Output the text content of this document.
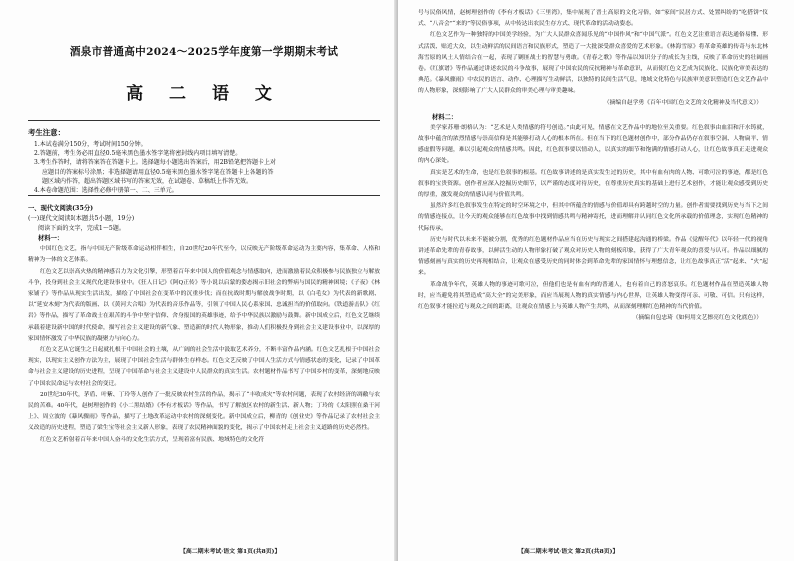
酒泉市普通高中2024～2025学年度第一学期期末考试
高 二 语 文
考生注意：
1.本试卷满分150分，考试时间150分钟。
2.答题前，考生务必用直径0.5毫米黑色墨水签字笔将密封线内项目填写清楚。
3.考生作答时，请将答案答在答题卡上。选择题每小题选出答案后，用2B铅笔把答题卡上对
应题目的答案标号涂黑；非选择题请用直径0.5毫米黑色墨水签字笔在答题卡上各题的答
题区域内作答，超出答题区域书写的答案无效，在试题卷、草稿纸上作答无效。
4.本卷命题范围：选择性必修中册第一、二、三单元。
一、现代文阅读(35分)
(一)现代文阅读Ⅰ(本题共5小题，19分)
阅读下面的文字，完成1～5题。
材料一：

中国红色文艺，指与中国无产阶级革命运动相伴相生，自20世纪20年代至今，以反映无产阶级革命运动为主要内容，集革命、人格和精神为一体的文艺体系。

红色文艺以崇高火热的精神感召力为文化引擎，形塑着百年来中国人的价值观念与情感取向，进而激励着民众积极参与民族独立与解放斗争，投身到社会主义现代化建设事业中。《狂人日记》《阿Q正传》等小说以启蒙的姿态揭示旧社会的弊病与国民的精神困境；《子夜》《林家铺子》等作品从现实生活出发，描绘了中国社会在变革中的沉重步伐；而在抗战时期与解放战争时期，以《白毛女》为代表的新歌剧、以“延安木刻”为代表的版画、以《黄河大合唱》为代表的音乐作品等，引领了中国人民心系家国、忠诚担当的价值取向。《铁道游击队》《红岩》等作品，描写了革命战士在艰苦的斗争中坚守信仰、舍身报国的英雄事迹，给予中华民族以激励与鼓舞。新中国成立后，红色文艺继续承载着建设新中国的时代使命，描写社会主义建设的新气象、塑造新的时代人物形象，推动人们积极投身到社会主义建设事业中，以深厚的家国情怀激发了中华民族的凝聚力与向心力。

红色文艺从它诞生之日起就扎根于中国社会的土壤，从广阔的社会生活中汲取艺术养分，不断丰富作品内涵。红色文艺扎根于中国社会现实，以现实主义创作方法为主，展现了中国社会生活与群体生存样态。红色文艺反映了中国人生活方式与情感状态的变化，记录了中国革命与社会主义建设的历史进程，呈现了中国革命与社会主义建设中人民群众的真实生活。农村题材作品书写了中国乡村的变革，深刻地反映了中国农民命运与农村社会的变迁。

20世纪30年代，茅盾、叶紫、丁玲等人创作了一批反映农村生活的作品，揭示了“丰收成灾”等农村问题，表现了农村经济的凋敝与农民的苦难。40年代，赵树理创作的《小二黑结婚》《李有才板话》等作品，书写了解放区农村的新生活、新人物；丁玲的《太阳照在桑干河上》、周立波的《暴风骤雨》等作品，描写了土地改革运动中农村的深刻变化。新中国成立后，柳青的《创业史》等作品记录了农村社会主义改造的历史进程，塑造了梁生宝等社会主义新人形象，表现了农民精神面貌的变化，揭示了中国农村走上社会主义道路的历史必然性。

红色文艺析射着百年来中国人奋斗的文化生活方式，呈现着富有民族、地域特色的文化符

【高二期末考试·语文 第1页(共8页)】

号与民俗风情，赵树理创作的《李有才板话》《三里湾》，集中展现了晋土高原的文化习俗，如“家间”民居方式、处置纠纷的“吃搭饼”仪式、“八音会”“来的”等民俗事项，从中传达出农民生存方式、现代革命的活动动姿态。

红色文艺作为一种独特的中国美学经验，为广大人民群众喜闻乐见的“中国作风”和“中国气派”。红色文艺注重语言表达通俗易懂、形式活泼、贴近大众，以生动鲜活的民间语言和民族形式，塑造了一大批深受群众喜爱的艺术形象。《林海雪原》将革命英雄的传奇与东北林海雪原的风土人情结合在一起，表现了剿匪战士的智慧与勇敢。《青春之歌》等作品以知识分子的成长为主线，反映了革命历史的壮阔画卷。《红旗谱》等作品通过讲述农民的斗争故事，展现了中国农民的反抗精神与革命意识，从而使红色文艺成为民族化、民族化审美表达的典范。《暴风骤雨》中农民的语言、动作、心理描写生动鲜活，以独特的民间生活气息，地域文化特色与民族审美意识塑造红色文艺作品中的人物形象，深刻影响了广大人民群众的审美心理与审美趣味。

（摘编自赵学勇《百年中国红色文艺的文化精神及当代意义》）
材料二：

美学家苏珊·朗格认为：“艺术是人类情感的符号创造。”由此可见，情感在文艺作品中的地位至关重要。红色叙事由血泪和汗水铸就，故事中蕴含的浓烈情感与崇高信仰是其能够打动人心的根本所在。但在当下的红色题材创作中，部分作品仍存在叙事空洞、人物扁平、情感虚假等问题，难以引起观众的情感共鸣。因此，红色叙事要以情动人，以真实的细节和饱满的情感打动人心，让红色故事真正走进观众的内心深处。

真实是艺术的生命，也是红色叙事的根基。红色故事讲述的是真实发生过的历史，其中有血有肉的人物、可歌可泣的事迹，都是红色叙事的宝贵资源。创作者应深入挖掘历史细节，以严谨的态度对待历史，在尊重历史真实的基础上进行艺术创作，才能让观众感受到历史的厚重，激发观众的情感认同与价值共鸣。

虽然许多红色叙事发生在特定的时空环境之中，但其中所蕴含的情感与价值却具有跨越时空的力量。创作者需要找到历史与当下之间的情感连接点，让今天的观众能够在红色故事中找到情感共鸣与精神寄托，进而理解并认同红色文化所承载的价值理念，实现红色精神的代际传承。

历史与时代以未来不能被分割，优秀的红色题材作品应当在历史与现实之间搭建起沟通的桥梁。作品《觉醒年代》以年轻一代的视角讲述革命先辈的青春故事，以鲜活生动的人物形象打破了观众对历史人物的刻板印象，获得了广大青年观众的喜爱与认可。作品以细腻的情感刻画与真实的历史再现相结合，让观众在感受历史的同时体会到革命先辈的家国情怀与理想信念，让红色故事真正“活”起来、“火”起来。

革命战争年代，英雄人物的事迹可歌可泣，但他们也是有血有肉的普通人，也有着自己的喜怒哀乐。红色题材作品在塑造英雄人物时，应当避免将其塑造成“高大全”的完美形象，而应当展现人物的真实情感与内心世界，让英雄人物变得可亲、可敬、可信。只有这样，红色叙事才能拉近与观众之间的距离，让观众在情感上与英雄人物产生共鸣，从而深刻理解红色精神的当代价值。

（摘编自包忠琦《如何用文艺擦亮红色文化底色》）
【高二期末考试·语文 第2页(共8页)】
